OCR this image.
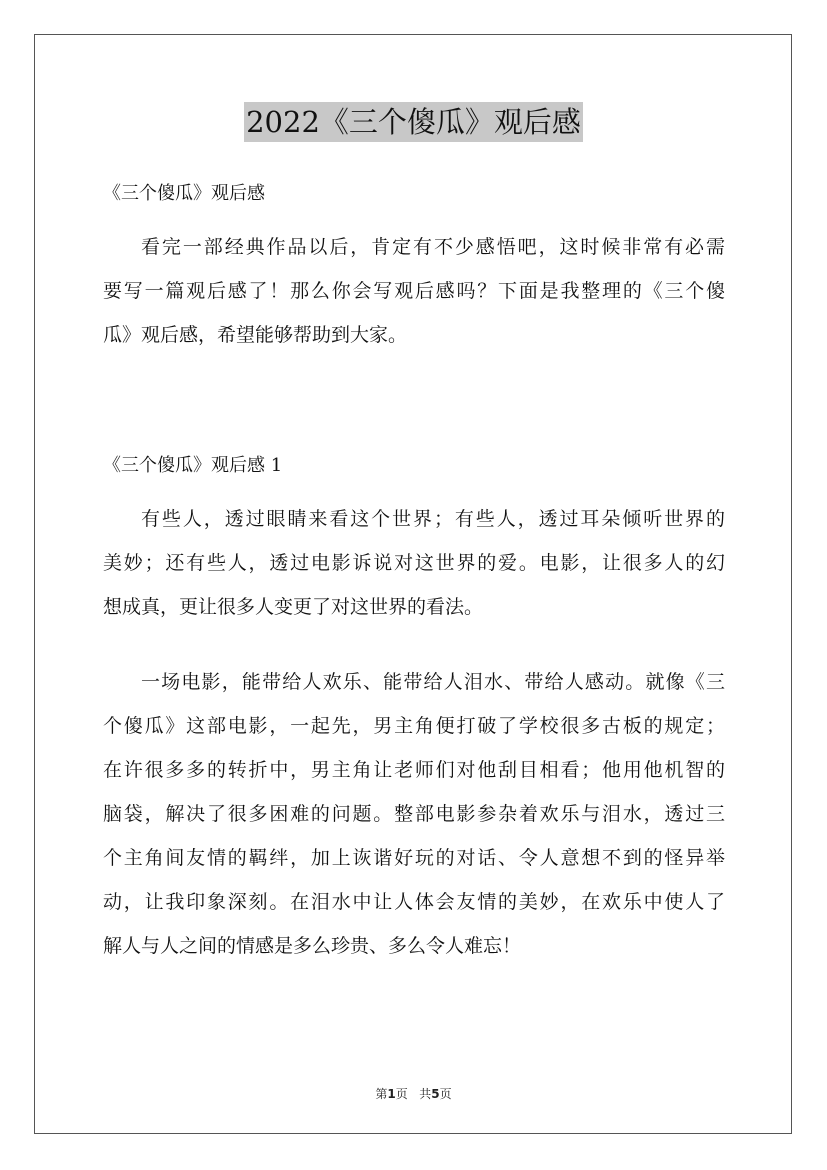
2022《三个傻瓜》观后感

《三个傻瓜》观后感

看完一部经典作品以后，肯定有不少感悟吧，这时候非常有必需
要写一篇观后感了！那么你会写观后感吗？下面是我整理的《三个傻
瓜》观后感，希望能够帮助到大家。

《三个傻瓜》观后感 1

有些人，透过眼睛来看这个世界；有些人，透过耳朵倾听世界的
美妙；还有些人，透过电影诉说对这世界的爱。电影，让很多人的幻
想成真，更让很多人变更了对这世界的看法。
一场电影，能带给人欢乐、能带给人泪水、带给人感动。就像《三
个傻瓜》这部电影，一起先，男主角便打破了学校很多古板的规定；
在许很多多的转折中，男主角让老师们对他刮目相看；他用他机智的
脑袋，解决了很多困难的问题。整部电影参杂着欢乐与泪水，透过三
个主角间友情的羁绊，加上诙谐好玩的对话、令人意想不到的怪异举
动，让我印象深刻。在泪水中让人体会友情的美妙，在欢乐中使人了
解人与人之间的情感是多么珍贵、多么令人难忘！
第1页   共5页
